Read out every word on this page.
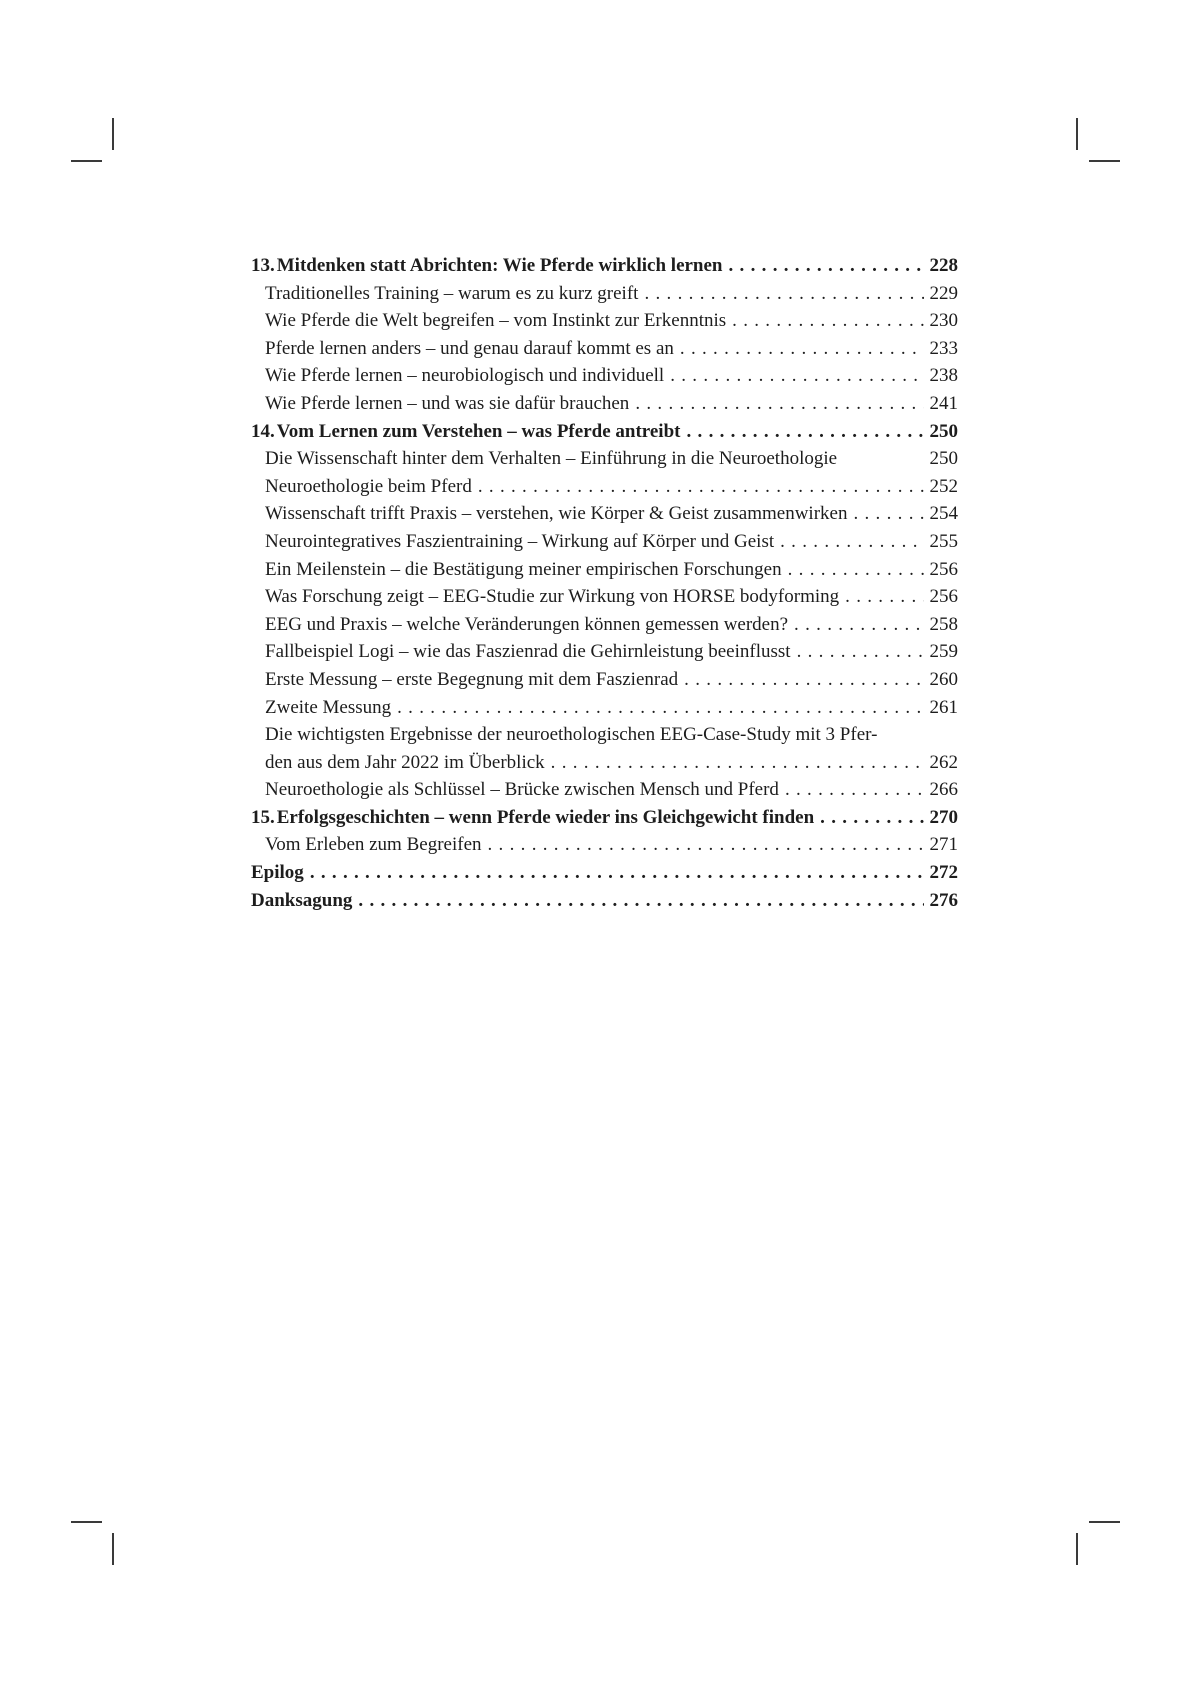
13. Mitdenken statt Abrichten: Wie Pferde wirklich lernen .....	228
Traditionelles Training – warum es zu kurz greift .....	229
Wie Pferde die Welt begreifen – vom Instinkt zur Erkenntnis .....	230
Pferde lernen anders – und genau darauf kommt es an .....	233
Wie Pferde lernen – neurobiologisch und individuell .....	238
Wie Pferde lernen – und was sie dafür brauchen .....	241
14. Vom Lernen zum Verstehen – was Pferde antreibt .....	250
Die Wissenschaft hinter dem Verhalten – Einführung in die Neuroethologie	250
Neuroethologie beim Pferd .....	252
Wissenschaft trifft Praxis – verstehen, wie Körper & Geist zusammenwirken .....	254
Neurointegratives Faszientraining – Wirkung auf Körper und Geist .....	255
Ein Meilenstein – die Bestätigung meiner empirischen Forschungen .....	256
Was Forschung zeigt – EEG-Studie zur Wirkung von HORSE bodyforming .....	256
EEG und Praxis – welche Veränderungen können gemessen werden? .....	258
Fallbeispiel Logi – wie das Faszienrad die Gehirnleistung beeinflusst .....	259
Erste Messung – erste Begegnung mit dem Faszienrad .....	260
Zweite Messung .....	261
Die wichtigsten Ergebnisse der neuroethologischen EEG-Case-Study mit 3 Pfer-
den aus dem Jahr 2022 im Überblick .....	262
Neuroethologie als Schlüssel – Brücke zwischen Mensch und Pferd .....	266
15. Erfolgsgeschichten – wenn Pferde wieder ins Gleichgewicht finden .....	270
Vom Erleben zum Begreifen .....	271
Epilog .....	272
Danksagung .....	276
